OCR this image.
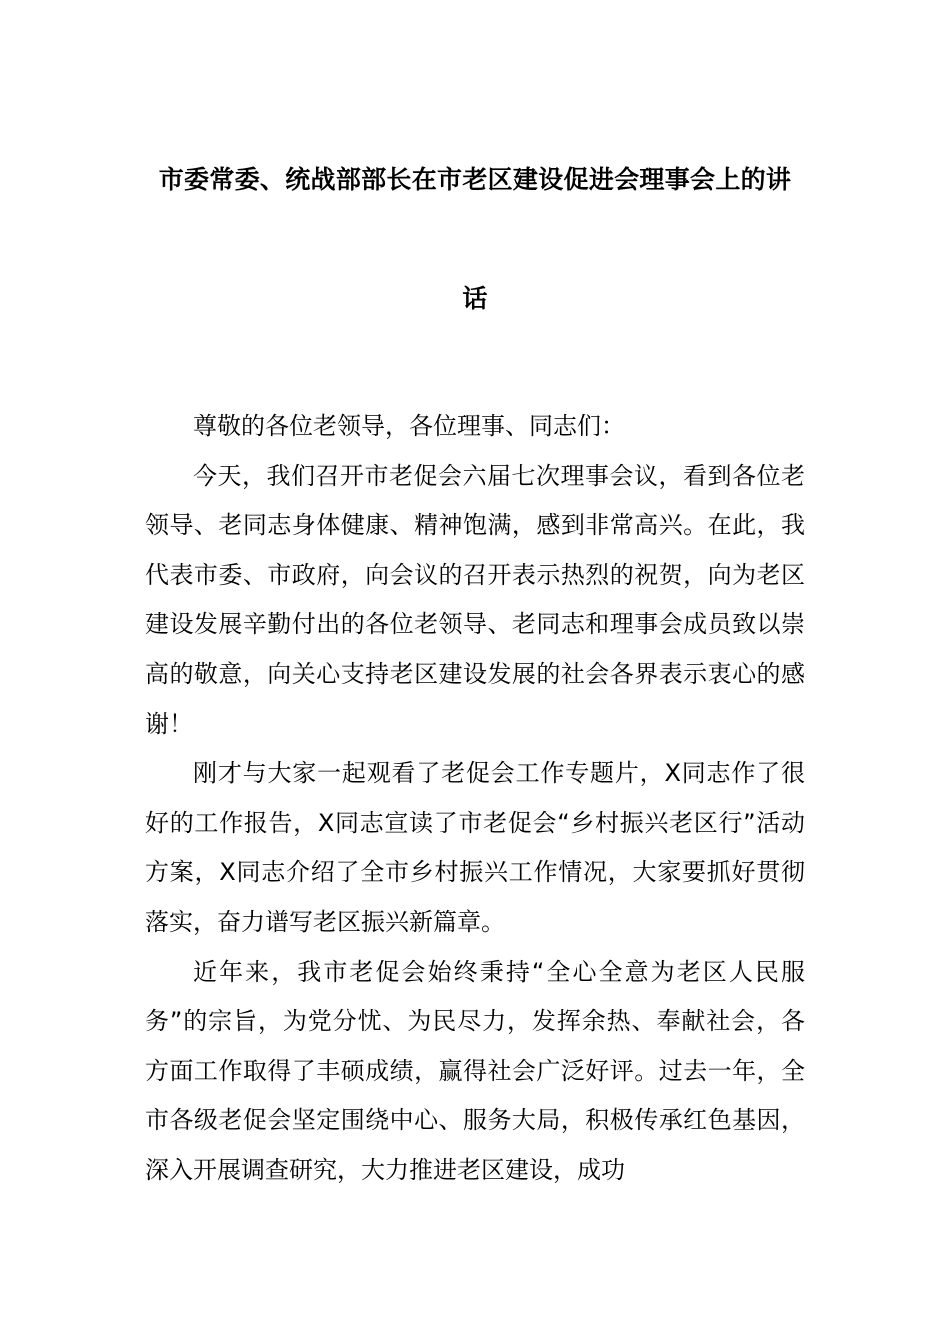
市委常委、统战部部长在市老区建设促进会理事会上的讲
话

尊敬的各位老领导，各位理事、同志们：

今天，我们召开市老促会六届七次理事会议，看到各位老领导、老同志身体健康、精神饱满，感到非常高兴。在此，我代表市委、市政府，向会议的召开表示热烈的祝贺，向为老区建设发展辛勤付出的各位老领导、老同志和理事会成员致以崇高的敬意，向关心支持老区建设发展的社会各界表示衷心的感谢！

刚才与大家一起观看了老促会工作专题片，X同志作了很好的工作报告，X同志宣读了市老促会“乡村振兴老区行”活动方案，X同志介绍了全市乡村振兴工作情况，大家要抓好贯彻落实，奋力谱写老区振兴新篇章。

近年来，我市老促会始终秉持“全心全意为老区人民服务”的宗旨，为党分忧、为民尽力，发挥余热、奉献社会，各方面工作取得了丰硕成绩，赢得社会广泛好评。过去一年，全市各级老促会坚定围绕中心、服务大局，积极传承红色基因，深入开展调查研究，大力推进老区建设，成功
